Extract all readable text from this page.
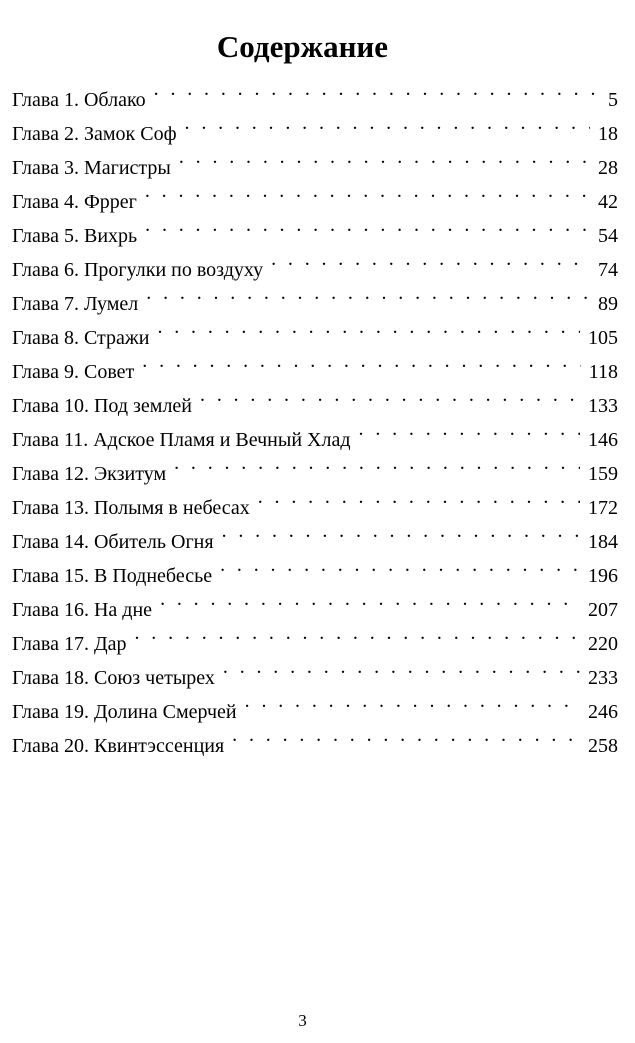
Содержание
Глава 1. Облако . . .	5
Глава 2. Замок Соф . . .	18
Глава 3. Магистры . . .	28
Глава 4. Фррег . . .	42
Глава 5. Вихрь . . .	54
Глава 6. Прогулки по воздуху . . .	74
Глава 7. Лумел . . .	89
Глава 8. Стражи . . .	105
Глава 9. Совет . . .	118
Глава 10. Под землей . . .	133
Глава 11. Адское Пламя и Вечный Хлад . . .	146
Глава 12. Экзитум . . .	159
Глава 13. Полымя в небесах . . .	172
Глава 14. Обитель Огня . . .	184
Глава 15. В Поднебесье . . .	196
Глава 16. На дне . . .	207
Глава 17. Дар . . .	220
Глава 18. Союз четырех . . .	233
Глава 19. Долина Смерчей . . .	246
Глава 20. Квинтэссенция . . .	258
3
